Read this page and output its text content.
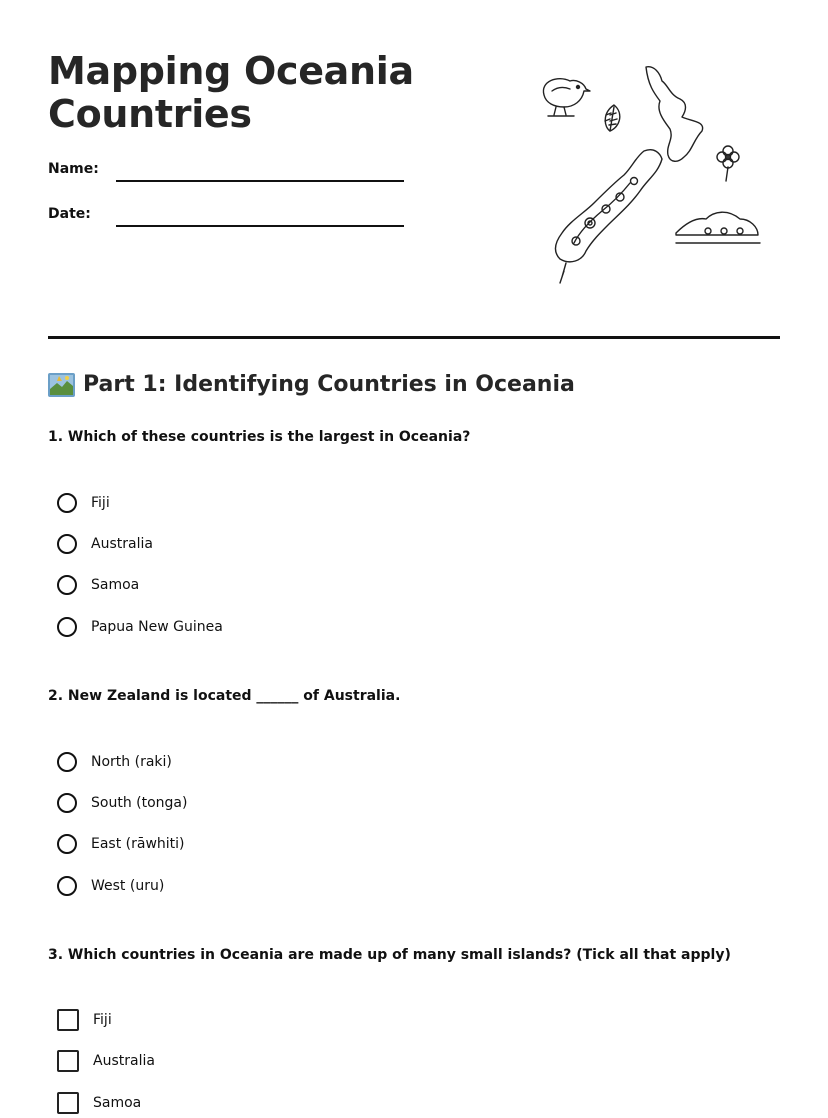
Mapping Oceania
Countries
Name:
Date:
Part 1: Identifying Countries in Oceania

1. Which of these countries is the largest in Oceania?

Fiji
Australia
Samoa
Papua New Guinea

2. New Zealand is located ______ of Australia.

North (raki)
South (tonga)
East (rāwhiti)
West (uru)

3. Which countries in Oceania are made up of many small islands? (Tick all that apply)

Fiji
Australia
Samoa
